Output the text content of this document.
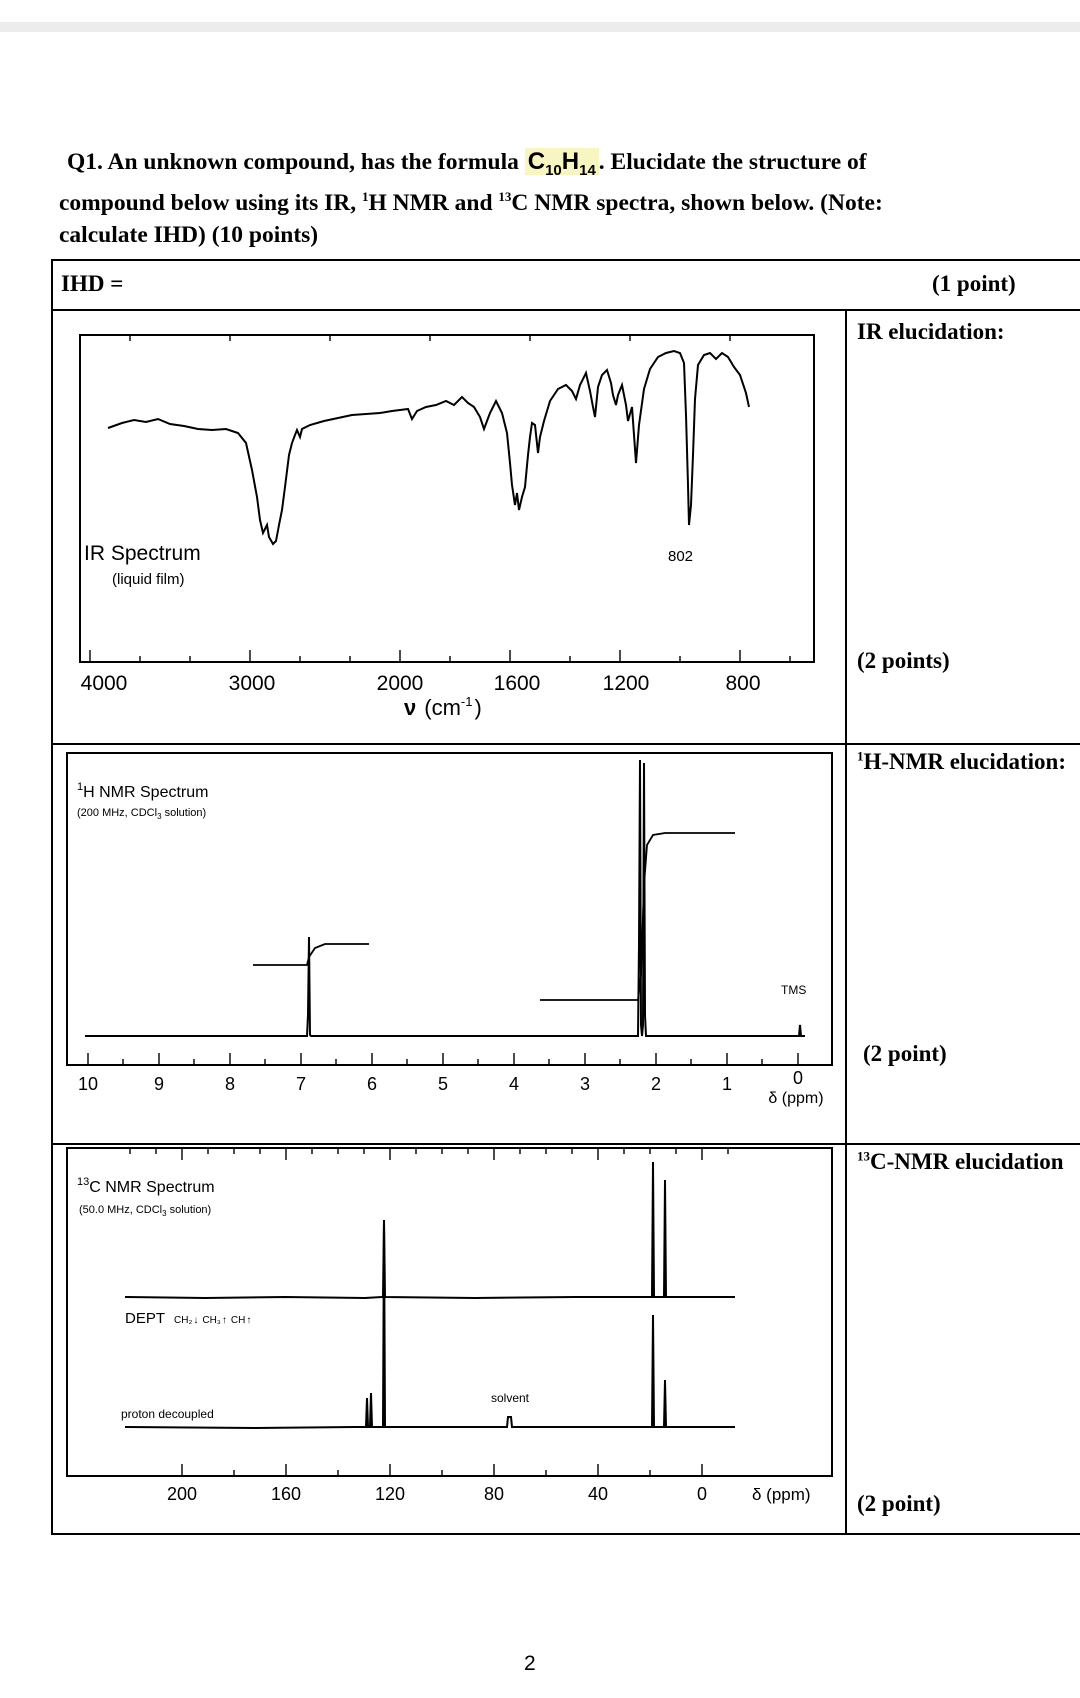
Q1. An unknown compound, has the formula $C_{10}H_{14}$ . Elucidate the structure of
compound below using its IR, $^1$H NMR and $^{13}$C NMR spectra, shown below. (Note:
calculate IHD) (10 points)
IHD =	(1 point)
IR elucidation:
(2 points)
$^1$H-NMR elucidation:
(2 point)
$^{13}$C-NMR elucidation
(2 point)
IR Spectrum
(liquid film)
802
4000	3000	2000	1600	1200	800
ν $(cm^{-1})$
$^1$H NMR Spectrum
(200 MHz, CDCl$_3$ solution)
TMS
10	9	8	7	6	5	4	3	2	1	0
δ (ppm)
$^{13}$C NMR Spectrum
(50.0 MHz, CDCl$_3$ solution)
DEPT CH₂↓ CH₃↑ CH↑
solvent
proton decoupled
200	160	120	80	40	0	δ (ppm)
2
